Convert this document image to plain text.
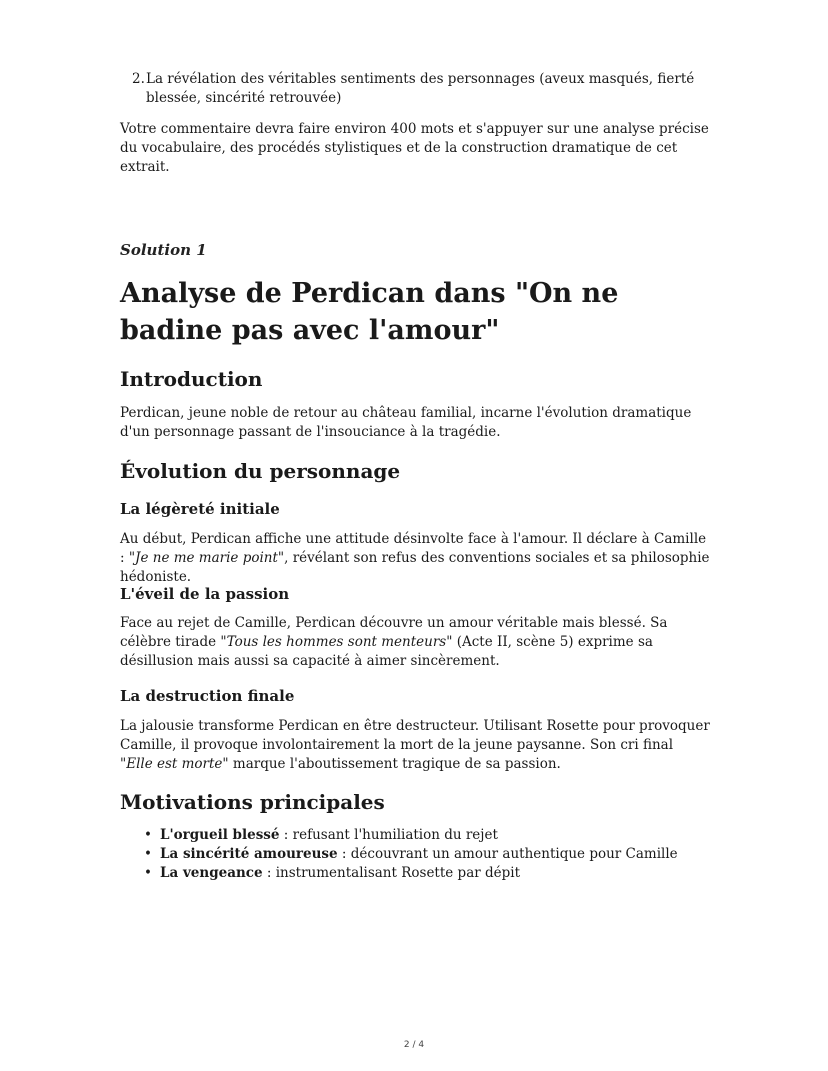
2. La révélation des véritables sentiments des personnages (aveux masqués, fierté blessée, sincérité retrouvée)

Votre commentaire devra faire environ 400 mots et s'appuyer sur une analyse précise du vocabulaire, des procédés stylistiques et de la construction dramatique de cet extrait.

Solution 1

Analyse de Perdican dans "On ne badine pas avec l'amour"
Introduction

Perdican, jeune noble de retour au château familial, incarne l'évolution dramatique d'un personnage passant de l'insouciance à la tragédie.

Évolution du personnage
La légèreté initiale

Au début, Perdican affiche une attitude désinvolte face à l'amour. Il déclare à Camille : "Je ne me marie point", révélant son refus des conventions sociales et sa philosophie hédoniste.

L'éveil de la passion

Face au rejet de Camille, Perdican découvre un amour véritable mais blessé. Sa célèbre tirade "Tous les hommes sont menteurs" (Acte II, scène 5) exprime sa désillusion mais aussi sa capacité à aimer sincèrement.

La destruction finale

La jalousie transforme Perdican en être destructeur. Utilisant Rosette pour provoquer Camille, il provoque involontairement la mort de la jeune paysanne. Son cri final "Elle est morte" marque l'aboutissement tragique de sa passion.

Motivations principales
• L'orgueil blessé : refusant l'humiliation du rejet
• La sincérité amoureuse : découvrant un amour authentique pour Camille
• La vengeance : instrumentalisant Rosette par dépit
2 / 4
